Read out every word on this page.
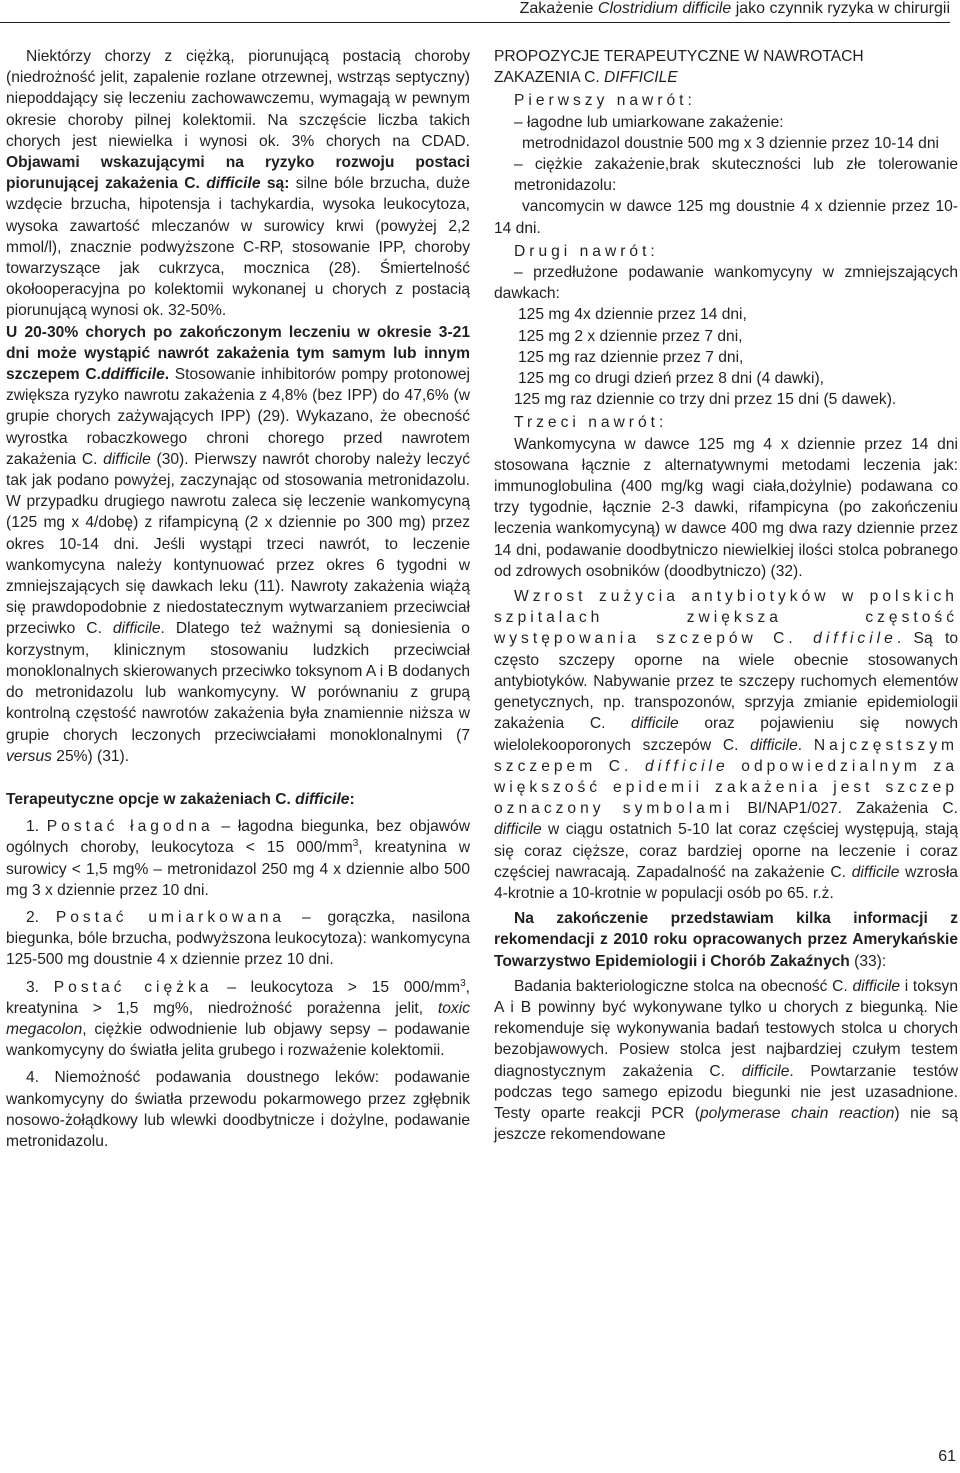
Zakażenie Clostridium difficile jako czynnik ryzyka w chirurgii

Niektórzy chorzy z ciężką, piorunującą postacią choroby (niedrożność jelit, zapalenie rozlane otrzewnej, wstrząs septyczny) niepoddający się leczeniu zachowawczemu, wymagają w pewnym okresie choroby pilnej kolektomii. Na szczęście liczba takich chorych jest niewielka i wynosi ok. 3% chorych na CDAD. Objawami wskazującymi na ryzyko rozwoju postaci piorunującej zakażenia C. difficile są: silne bóle brzucha, duże wzdęcie brzucha, hipotensja i tachykardia, wysoka leukocytoza, wysoka zawartość mleczanów w surowicy krwi (powyżej 2,2 mmol/l), znacznie podwyższone C-RP, stosowanie IPP, choroby towarzyszące jak cukrzyca, mocznica (28). Śmiertelność okołooperacyjna po kolektomii wykonanej u chorych z postacią piorunującą wynosi ok. 32-50%.

U 20-30% chorych po zakończonym leczeniu w okresie 3-21 dni może wystąpić nawrót zakażenia tym samym lub innym szczepem C.ddifficile. Stosowanie inhibitorów pompy protonowej zwiększa ryzyko nawrotu zakażenia z 4,8% (bez IPP) do 47,6% (w grupie chorych zażywających IPP) (29). Wykazano, że obecność wyrostka robaczkowego chroni chorego przed nawrotem zakażenia C. difficile (30). Pierwszy nawrót choroby należy leczyć tak jak podano powyżej, zaczynając od stosowania metronidazolu. W przypadku drugiego nawrotu zaleca się leczenie wankomycyną (125 mg x 4/dobę) z rifampicyną (2 x dziennie po 300 mg) przez okres 10-14 dni. Jeśli wystąpi trzeci nawrót, to leczenie wankomycyna należy kontynuować przez okres 6 tygodni w zmniejszających się dawkach leku (11). Nawroty zakażenia wiążą się prawdopodobnie z niedostatecznym wytwarzaniem przeciwciał przeciwko C. difficile. Dlatego też ważnymi są doniesienia o korzystnym, klinicznym stosowaniu ludzkich przeciwciał monoklonalnych skierowanych przeciwko toksynom A i B dodanych do metronidazolu lub wankomycyny. W porównaniu z grupą kontrolną częstość nawrotów zakażenia była znamiennie niższa w grupie chorych leczonych przeciwciałami monoklonalnymi (7 versus 25%) (31).

Terapeutyczne opcje w zakażeniach C. difficile:

1. Postać łagodna – łagodna biegunka, bez objawów ogólnych choroby, leukocytoza < 15 $000/mm^3$, kreatynina w surowicy < 1,5 mg% – metronidazol 250 mg 4 x dziennie albo 500 mg 3 x dziennie przez 10 dni.

2. Postać umiarkowana – gorączka, nasilona biegunka, bóle brzucha, podwyższona leukocytoza): wankomycyna 125-500 mg doustnie 4 x dziennie przez 10 dni.

3. Postać ciężka – leukocytoza > 15 $000/mm^3$, kreatynina > 1,5 mg%, niedrożność porażenna jelit, toxic megacolon, ciężkie odwodnienie lub objawy sepsy – podawanie wankomycyny do światła jelita grubego i rozważenie kolektomii.

4. Niemożność podawania doustnego leków: podawanie wankomycyny do światła przewodu pokarmowego przez zgłębnik nosowo-żołądkowy lub wlewki doodbytnicze i dożylne, podawanie metronidazolu.

PROPOZYCJE TERAPEUTYCZNE W NAWROTACH
ZAKAZENIA C. DIFFICILE

Pierwszy nawrót:

– łagodne lub umiarkowane zakażenie:

metrodnidazol doustnie 500 mg x 3 dziennie przez 10-14 dni

– ciężkie zakażenie,brak skuteczności lub złe tolerowanie metronidazolu:

vancomycin w dawce 125 mg doustnie 4 x dziennie przez 10-14 dni.

Drugi nawrót:

– przedłużone podawanie wankomycyny w zmniejszających dawkach:

125 mg 4x dziennie przez 14 dni,

125 mg 2 x dziennie przez 7 dni,

125 mg raz dziennie przez 7 dni,

125 mg co drugi dzień przez 8 dni (4 dawki),

125 mg raz dziennie co trzy dni przez 15 dni (5 dawek).

Trzeci nawrót:

Wankomycyna w dawce 125 mg 4 x dziennie przez 14 dni stosowana łącznie z alternatywnymi metodami leczenia jak: immunoglobulina (400 mg/kg wagi ciała,dożylnie) podawana co trzy tygodnie, łącznie 2-3 dawki, rifampicyna (po zakończeniu leczenia wankomycyną) w dawce 400 mg dwa razy dziennie przez 14 dni, podawanie doodbytniczo niewielkiej ilości stolca pobranego od zdrowych osobników (doodbytniczo) (32).

Wzrost zużycia antybiotyków w polskich szpitalach zwiększa częstość występowania szczepów C. difficile. Są to często szczepy oporne na wiele obecnie stosowanych antybiotyków. Nabywanie przez te szczepy ruchomych elementów genetycznych, np. transpozonów, sprzyja zmianie epidemiologii zakażenia C. difficile oraz pojawieniu się nowych wielolekooporonych szczepów C. difficile. Najczęstszym szczepem C. difficile odpowiedzialnym za większość epidemii zakażenia jest szczep oznaczony symbolami BI/NAP1/027. Zakażenia C. difficile w ciągu ostatnich 5-10 lat coraz częściej występują, stają się coraz cięższe, coraz bardziej oporne na leczenie i coraz częściej nawracają. Zapadalność na zakażenie C. difficile wzrosła 4-krotnie a 10-krotnie w populacji osób po 65. r.ż.

Na zakończenie przedstawiam kilka informacji z rekomendacji z 2010 roku opracowanych przez Amerykańskie Towarzystwo Epidemiologii i Chorób Zakaźnych (33):

Badania bakteriologiczne stolca na obecność C. difficile i toksyn A i B powinny być wykonywane tylko u chorych z biegunką. Nie rekomenduje się wykonywania badań testowych stolca u chorych bezobjawowych. Posiew stolca jest najbardziej czułym testem diagnostycznym zakażenia C. difficile. Powtarzanie testów podczas tego samego epizodu biegunki nie jest uzasadnione. Testy oparte reakcji PCR (polymerase chain reaction) nie są jeszcze rekomendowane

61
